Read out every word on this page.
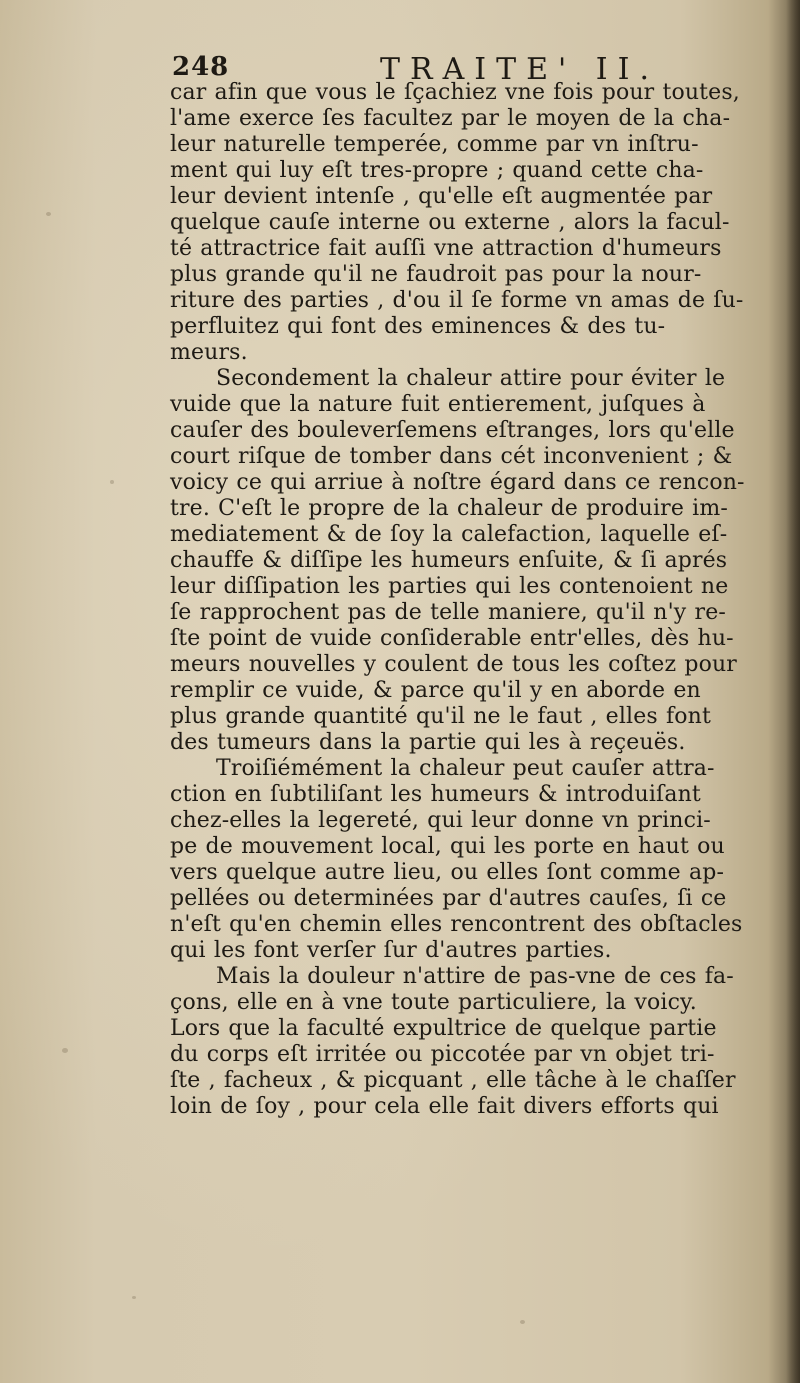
248	TRAITE' II.
car afin que vous le ſçachiez vne fois pour toutes,
l'ame exerce ſes facultez par le moyen de la cha-
leur naturelle temperée, comme par vn inſtru-
ment qui luy eſt tres-propre ; quand cette cha-
leur devient intenſe , qu'elle eſt augmentée par
quelque cauſe interne ou externe , alors la facul-
té attractrice fait auſſi vne attraction d'humeurs
plus grande qu'il ne faudroit pas pour la nour-
riture des parties , d'ou il ſe forme vn amas de ſu-
perfluitez qui font des eminences & des tu-
meurs.
Secondement la chaleur attire pour éviter le
vuide que la nature fuit entierement, juſques à
cauſer des bouleverſemens eſtranges, lors qu'elle
court riſque de tomber dans cét inconvenient ; &
voicy ce qui arriue à noſtre égard dans ce rencon-
tre. C'eſt le propre de la chaleur de produire im-
mediatement & de ſoy la calefaction, laquelle eſ-
chauffe & diſſipe les humeurs enſuite, & ſi aprés
leur diſſipation les parties qui les contenoient ne
ſe rapprochent pas de telle maniere, qu'il n'y re-
ſte point de vuide conſiderable entr'elles, dès hu-
meurs nouvelles y coulent de tous les coſtez pour
remplir ce vuide, & parce qu'il y en aborde en
plus grande quantité qu'il ne le faut , elles font
des tumeurs dans la partie qui les à reçeuës.
Troiſiémément la chaleur peut cauſer attra-
ction en ſubtiliſant les humeurs & introduiſant
chez-elles la legereté, qui leur donne vn princi-
pe de mouvement local, qui les porte en haut ou
vers quelque autre lieu, ou elles ſont comme ap-
pellées ou determinées par d'autres cauſes, ſi ce
n'eſt qu'en chemin elles rencontrent des obſtacles
qui les font verſer ſur d'autres parties.
Mais la douleur n'attire de pas-vne de ces fa-
çons, elle en à vne toute particuliere, la voicy.
Lors que la faculté expultrice de quelque partie
du corps eſt irritée ou piccotée par vn objet tri-
ſte , facheux , & picquant , elle tâche à le chaſſer
loin de ſoy , pour cela elle fait divers efforts qui
